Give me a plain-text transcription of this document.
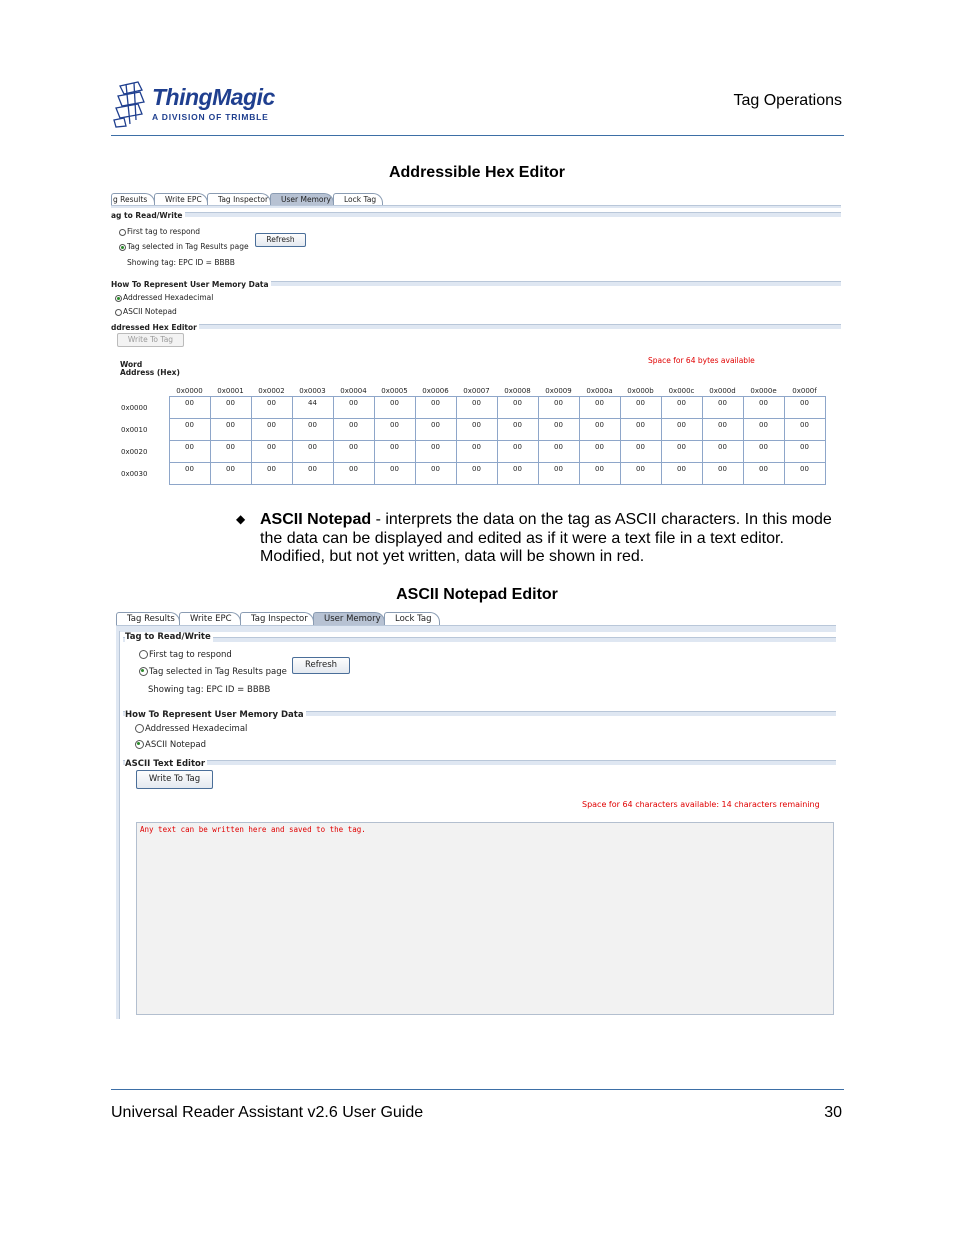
ThingMagic
A DIVISION OF TRIMBLE
Tag Operations
Addressible Hex Editor
g Results	Write EPC	Tag Inspector	User Memory	Lock Tag
ag to Read/Write
First tag to respond
Tag selected in Tag Results page
Refresh
Showing tag: EPC ID = BBBB
How To Represent User Memory Data
Addressed Hexadecimal
ASCII Notepad
ddressed Hex Editor
Write To Tag
Word
Address (Hex)
Space for 64 bytes available
	0x0000	0x0001	0x0002	0x0003	0x0004	0x0005	0x0006	0x0007	0x0008	0x0009	0x000a	0x000b	0x000c	0x000d	0x000e	0x000f
0x0000	00	00	00	44	00	00	00	00	00	00	00	00	00	00	00	00
0x0010	00	00	00	00	00	00	00	00	00	00	00	00	00	00	00	00
0x0020	00	00	00	00	00	00	00	00	00	00	00	00	00	00	00	00
0x0030	00	00	00	00	00	00	00	00	00	00	00	00	00	00	00	00
◆ ASCII Notepad - interprets the data on the tag as ASCII characters. In this mode the data can be displayed and edited as if it were a text file in a text editor. Modified, but not yet written, data will be shown in red.
ASCII Notepad Editor
Tag Results	Write EPC	Tag Inspector	User Memory	Lock Tag
Tag to Read/Write
First tag to respond
Tag selected in Tag Results page
Refresh
Showing tag: EPC ID = BBBB
How To Represent User Memory Data
Addressed Hexadecimal
ASCII Notepad
ASCII Text Editor
Write To Tag
Space for 64 characters available: 14 characters remaining
Any text can be written here and saved to the tag.
Universal Reader Assistant v2.6 User Guide	30
